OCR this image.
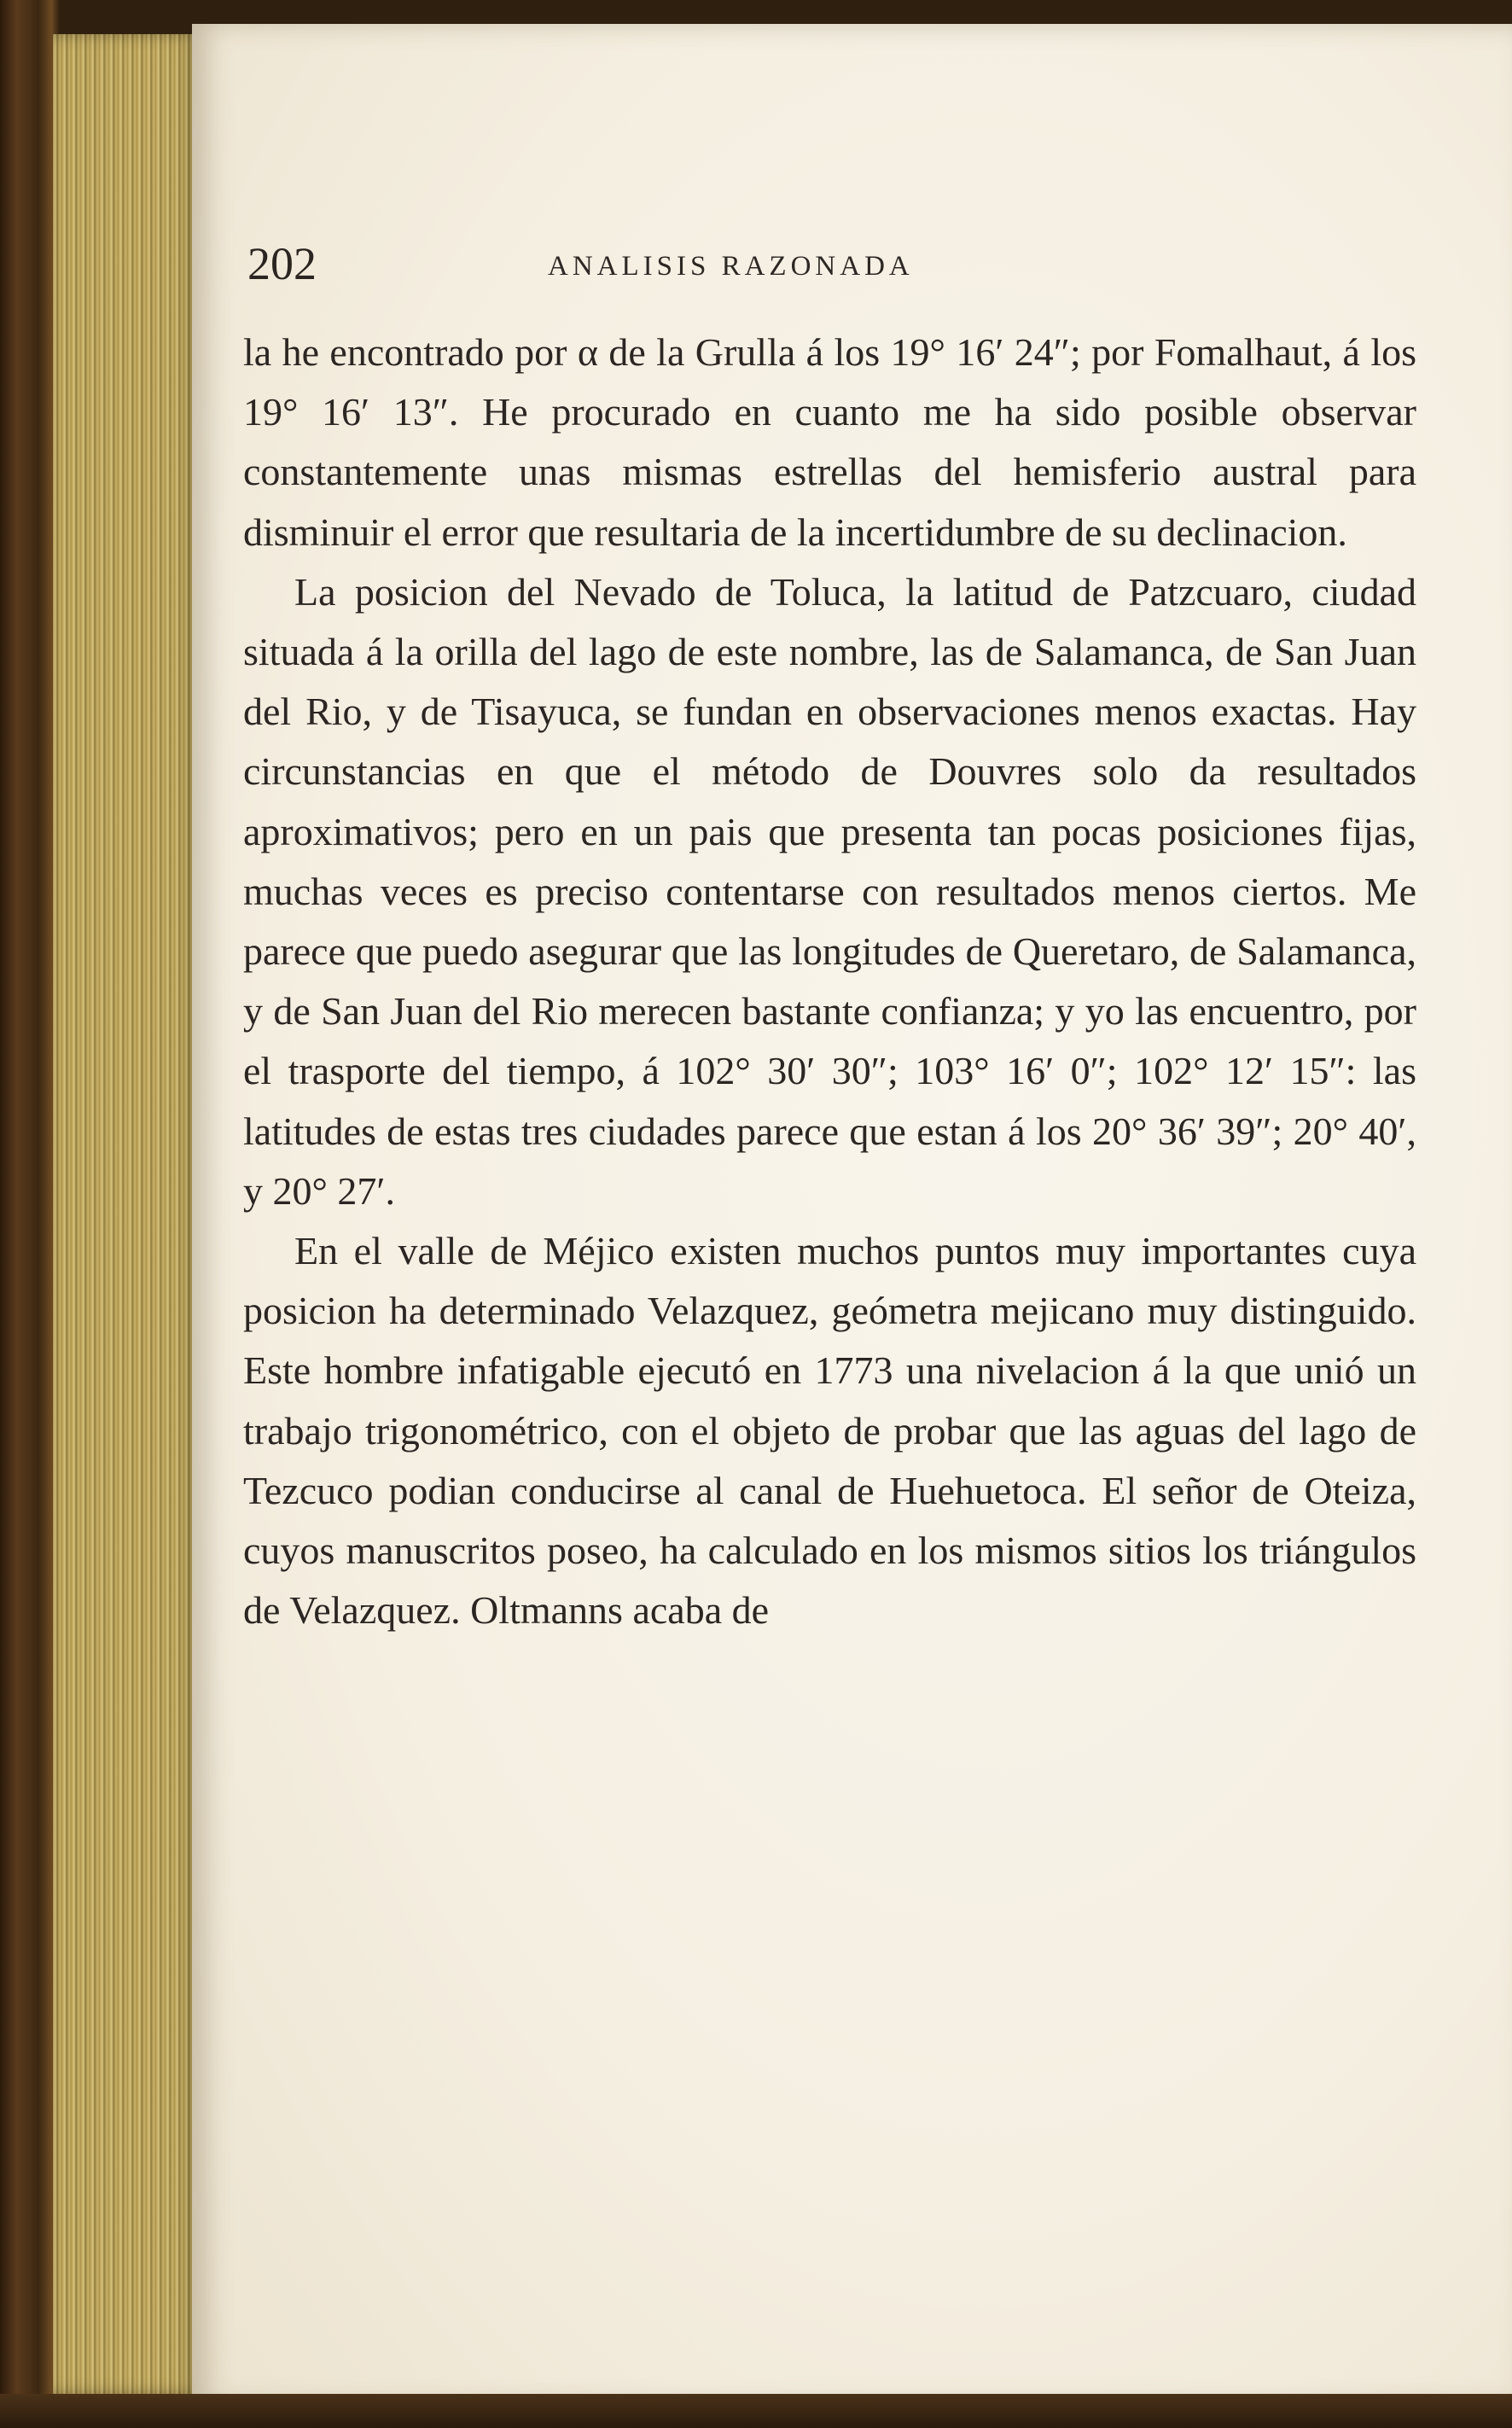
202	ANALISIS RAZONADA

la he encontrado por α de la Grulla á los 19° 16′ 24″; por Fomalhaut, á los 19° 16′ 13″. He procurado en cuanto me ha sido posible observar constantemente unas mismas estrellas del hemisferio austral para disminuir el error que resultaria de la incertidumbre de su declinacion.

La posicion del Nevado de Toluca, la latitud de Patzcuaro, ciudad situada á la orilla del lago de este nombre, las de Salamanca, de San Juan del Rio, y de Tisayuca, se fundan en observaciones menos exactas. Hay circunstancias en que el método de Douvres solo da resultados aproximativos; pero en un pais que presenta tan pocas posiciones fijas, muchas veces es preciso contentarse con resultados menos ciertos. Me parece que puedo asegurar que las longitudes de Queretaro, de Salamanca, y de San Juan del Rio merecen bastante confianza; y yo las encuentro, por el trasporte del tiempo, á 102° 30′ 30″; 103° 16′ 0″; 102° 12′ 15″: las latitudes de estas tres ciudades parece que estan á los 20° 36′ 39″; 20° 40′, y 20° 27′.

En el valle de Méjico existen muchos puntos muy importantes cuya posicion ha determinado Velazquez, geómetra mejicano muy distinguido. Este hombre infatigable ejecutó en 1773 una nivelacion á la que unió un trabajo trigonométrico, con el objeto de probar que las aguas del lago de Tezcuco podian conducirse al canal de Huehuetoca. El señor de Oteiza, cuyos manuscritos poseo, ha calculado en los mismos sitios los triángulos de Velazquez. Oltmanns acaba de
